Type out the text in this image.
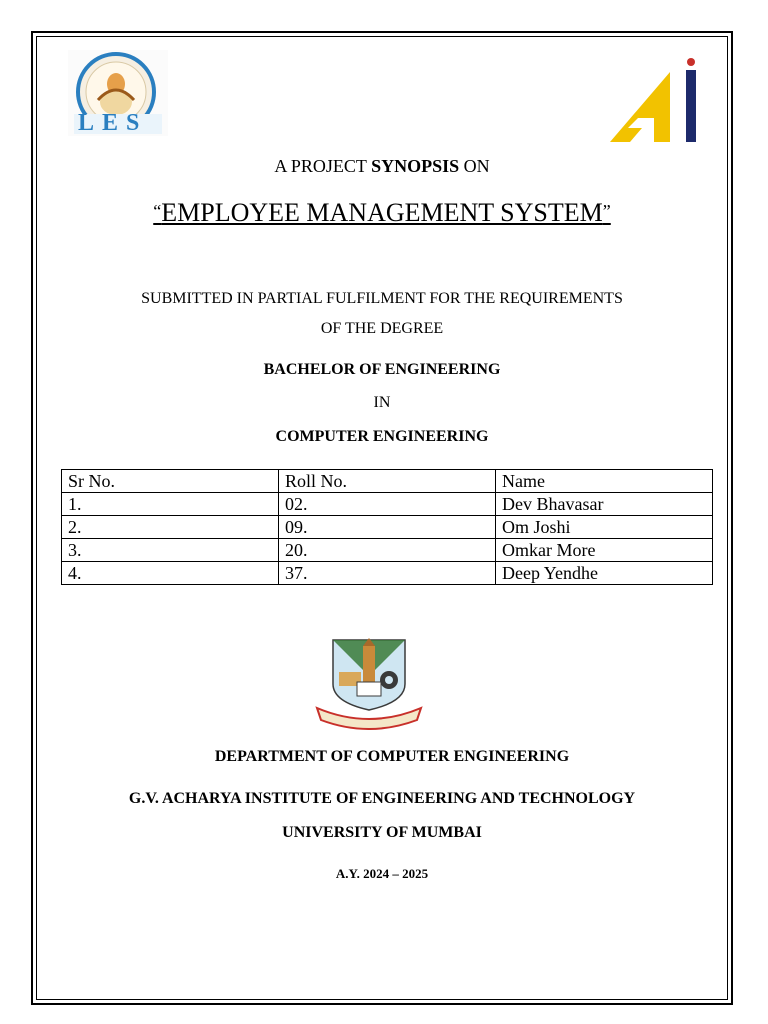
LES
A PROJECT SYNOPSIS ON
“EMPLOYEE MANAGEMENT SYSTEM”
SUBMITTED IN PARTIAL FULFILMENT FOR THE REQUIREMENTS
OF THE DEGREE
BACHELOR OF ENGINEERING
IN
COMPUTER ENGINEERING
Sr No.	Roll No.	Name
1.	02.	Dev Bhavasar
2.	09.	Om Joshi
3.	20.	Omkar More
4.	37.	Deep Yendhe
DEPARTMENT OF COMPUTER ENGINEERING
G.V. ACHARYA INSTITUTE OF ENGINEERING AND TECHNOLOGY
UNIVERSITY OF MUMBAI
A.Y. 2024 – 2025
